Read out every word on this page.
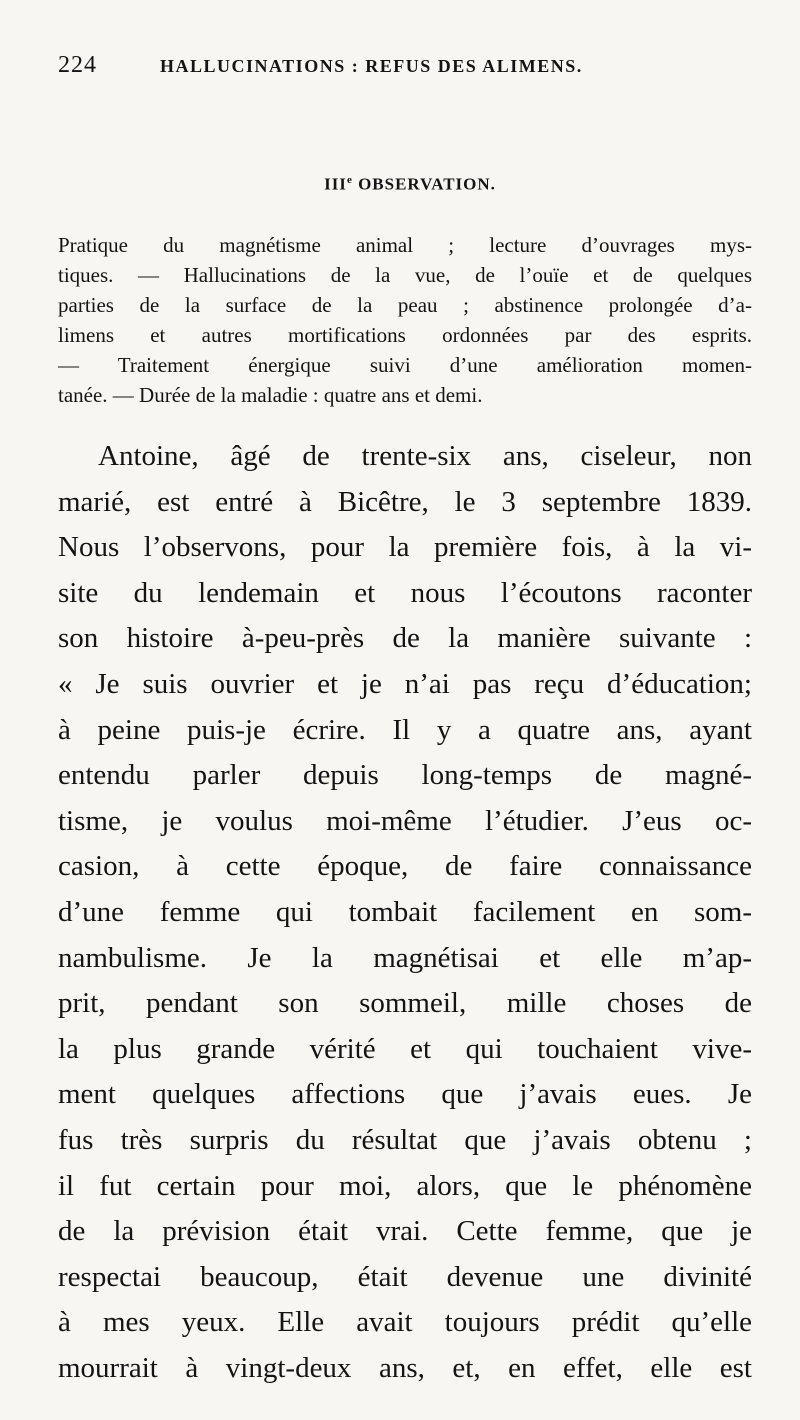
224	HALLUCINATIONS : REFUS DES ALIMENS.
IIIe OBSERVATION.
Pratique du magnétisme animal ; lecture d’ouvrages mys-
tiques. — Hallucinations de la vue, de l’ouïe et de quelques
parties de la surface de la peau ; abstinence prolongée d’a-
limens et autres mortifications ordonnées par des esprits.
— Traitement énergique suivi d’une amélioration momen-
tanée. — Durée de la maladie : quatre ans et demi.
Antoine, âgé de trente-six ans, ciseleur, non
marié, est entré à Bicêtre, le 3 septembre 1839.
Nous l’observons, pour la première fois, à la vi-
site du lendemain et nous l’écoutons raconter
son histoire à-peu-près de la manière suivante :
« Je suis ouvrier et je n’ai pas reçu d’éducation;
à peine puis-je écrire. Il y a quatre ans, ayant
entendu parler depuis long-temps de magné-
tisme, je voulus moi-même l’étudier. J’eus oc-
casion, à cette époque, de faire connaissance
d’une femme qui tombait facilement en som-
nambulisme. Je la magnétisai et elle m’ap-
prit, pendant son sommeil, mille choses de
la plus grande vérité et qui touchaient vive-
ment quelques affections que j’avais eues. Je
fus très surpris du résultat que j’avais obtenu ;
il fut certain pour moi, alors, que le phénomène
de la prévision était vrai. Cette femme, que je
respectai beaucoup, était devenue une divinité
à mes yeux. Elle avait toujours prédit qu’elle
mourrait à vingt-deux ans, et, en effet, elle est
